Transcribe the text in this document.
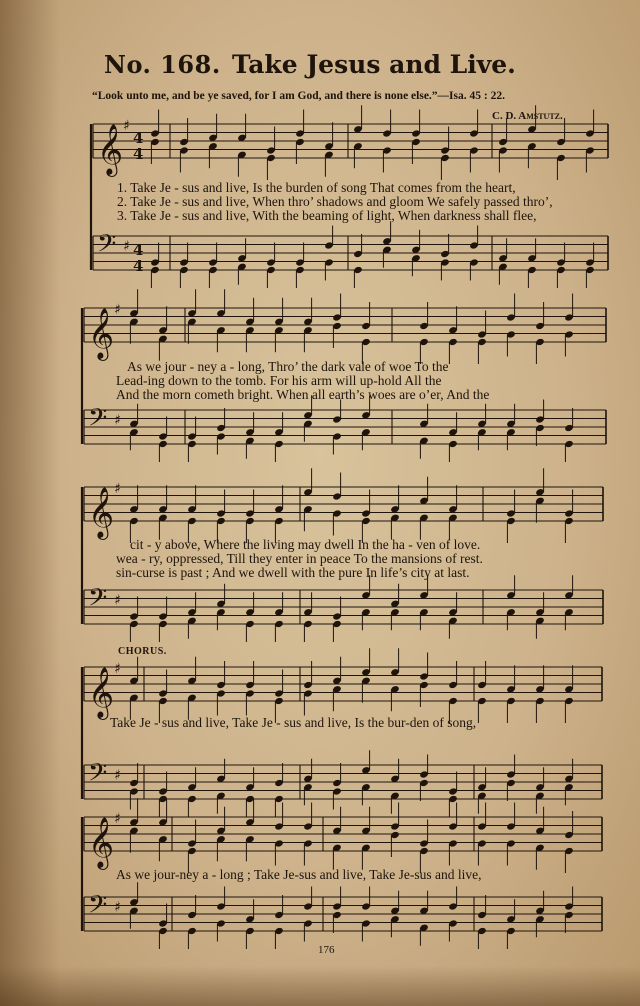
No. 168. Take Jesus and Live.
“Look unto me, and be ye saved, for I am God, and there is none else.”—Isa. 45 : 22.
C. D. Amstutz.
CHORUS.
𝄞 ♯
4
4
𝄢 ♯ 4
4
𝄞 ♯
𝄢 ♯
𝄞 ♯
𝄢 ♯
𝄞 ♯
𝄢 ♯
𝄞 ♯
𝄢 ♯
1. Take Je - sus and live, Is the burden of song That comes from the heart,
2. Take Je - sus and live, When thro’ shadows and gloom We safely passed thro’,
3. Take Je - sus and live, With the beaming of light, When darkness shall flee,
As we jour - ney a - long, Thro’ the dark vale of woe To the
Lead-ing down to the tomb. For his arm will up-hold All the
And the morn cometh bright. When all earth’s woes are o’er, And the
cit - y above, Where the living may dwell In the ha - ven of love.
wea - ry, oppressed, Till they enter in peace To the mansions of rest.
sin-curse is past ; And we dwell with the pure In life’s city at last.
Take Je - sus and live, Take Je - sus and live, Is the bur-den of song,
As we jour-ney a - long ; Take Je-sus and live, Take Je-sus and live,
176
